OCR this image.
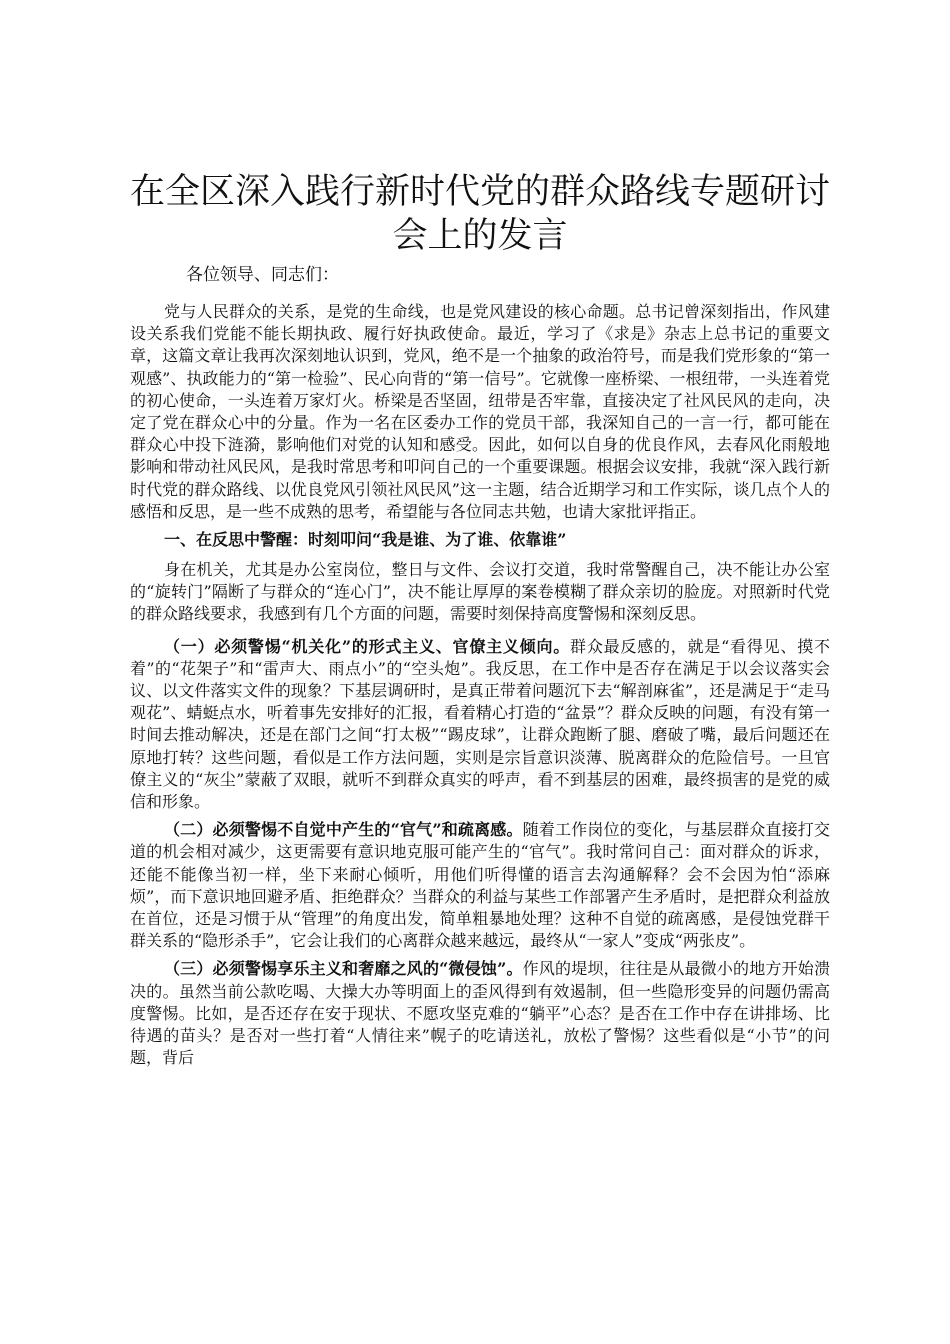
在全区深入践行新时代党的群众路线专题研讨会上的发言
各位领导、同志们：

党与人民群众的关系，是党的生命线，也是党风建设的核心命题。总书记曾深刻指出，作风建设关系我们党能不能长期执政、履行好执政使命。最近，学习了《求是》杂志上总书记的重要文章，这篇文章让我再次深刻地认识到，党风，绝不是一个抽象的政治符号，而是我们党形象的“第一观感”、执政能力的“第一检验”、民心向背的“第一信号”。它就像一座桥梁、一根纽带，一头连着党的初心使命，一头连着万家灯火。桥梁是否坚固，纽带是否牢靠，直接决定了社风民风的走向，决定了党在群众心中的分量。作为一名在区委办工作的党员干部，我深知自己的一言一行，都可能在群众心中投下涟漪，影响他们对党的认知和感受。因此，如何以自身的优良作风，去春风化雨般地影响和带动社风民风，是我时常思考和叩问自己的一个重要课题。根据会议安排，我就“深入践行新时代党的群众路线、以优良党风引领社风民风”这一主题，结合近期学习和工作实际，谈几点个人的感悟和反思，是一些不成熟的思考，希望能与各位同志共勉，也请大家批评指正。

一、在反思中警醒：时刻叩问“我是谁、为了谁、依靠谁”

身在机关，尤其是办公室岗位，整日与文件、会议打交道，我时常警醒自己，决不能让办公室的“旋转门”隔断了与群众的“连心门”，决不能让厚厚的案卷模糊了群众亲切的脸庞。对照新时代党的群众路线要求，我感到有几个方面的问题，需要时刻保持高度警惕和深刻反思。

（一）必须警惕“机关化”的形式主义、官僚主义倾向。群众最反感的，就是“看得见、摸不着”的“花架子”和“雷声大、雨点小”的“空头炮”。我反思，在工作中是否存在满足于以会议落实会议、以文件落实文件的现象？下基层调研时，是真正带着问题沉下去“解剖麻雀”，还是满足于“走马观花”、蜻蜓点水，听着事先安排好的汇报，看着精心打造的“盆景”？群众反映的问题，有没有第一时间去推动解决，还是在部门之间“打太极”“踢皮球”，让群众跑断了腿、磨破了嘴，最后问题还在原地打转？这些问题，看似是工作方法问题，实则是宗旨意识淡薄、脱离群众的危险信号。一旦官僚主义的“灰尘”蒙蔽了双眼，就听不到群众真实的呼声，看不到基层的困难，最终损害的是党的威信和形象。

（二）必须警惕不自觉中产生的“官气”和疏离感。随着工作岗位的变化，与基层群众直接打交道的机会相对减少，这更需要有意识地克服可能产生的“官气”。我时常问自己：面对群众的诉求，还能不能像当初一样，坐下来耐心倾听，用他们听得懂的语言去沟通解释？会不会因为怕“添麻烦”，而下意识地回避矛盾、拒绝群众？当群众的利益与某些工作部署产生矛盾时，是把群众利益放在首位，还是习惯于从“管理”的角度出发，简单粗暴地处理？这种不自觉的疏离感，是侵蚀党群干群关系的“隐形杀手”，它会让我们的心离群众越来越远，最终从“一家人”变成“两张皮”。

（三）必须警惕享乐主义和奢靡之风的“微侵蚀”。作风的堤坝，往往是从最微小的地方开始溃决的。虽然当前公款吃喝、大操大办等明面上的歪风得到有效遏制，但一些隐形变异的问题仍需高度警惕。比如，是否还存在安于现状、不愿攻坚克难的“躺平”心态？是否在工作中存在讲排场、比待遇的苗头？是否对一些打着“人情往来”幌子的吃请送礼，放松了警惕？这些看似是“小节”的问题，背后
